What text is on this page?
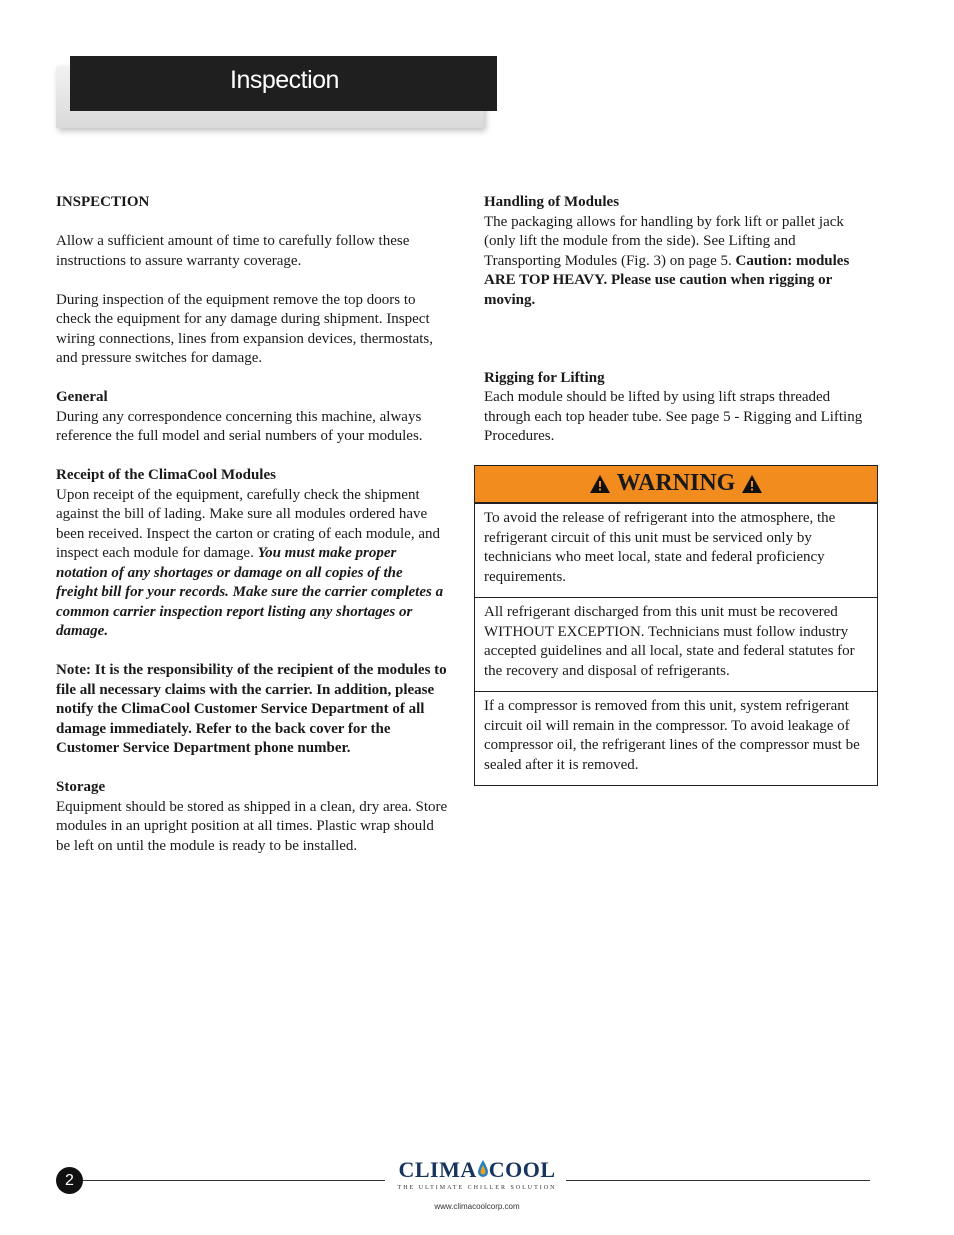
Inspection

INSPECTION

Allow a sufficient amount of time to carefully follow these instructions to assure warranty coverage.

During inspection of the equipment remove the top doors to check the equipment for any damage during shipment. Inspect wiring connections, lines from expansion devices, thermostats, and pressure switches for damage.

General

During any correspondence concerning this machine, always reference the full model and serial numbers of your modules.

Receipt of the ClimaCool Modules

Upon receipt of the equipment, carefully check the shipment against the bill of lading. Make sure all modules ordered have been received. Inspect the carton or crating of each module, and inspect each module for damage. You must make proper notation of any shortages or damage on all copies of the freight bill for your records. Make sure the carrier completes a common carrier inspection report listing any shortages or damage.

Note: It is the responsibility of the recipient of the modules to file all necessary claims with the carrier. In addition, please notify the ClimaCool Customer Service Department of all damage immediately. Refer to the back cover for the Customer Service Department phone number.

Storage

Equipment should be stored as shipped in a clean, dry area. Store modules in an upright position at all times. Plastic wrap should be left on until the module is ready to be installed.

Handling of Modules

The packaging allows for handling by fork lift or pallet jack (only lift the module from the side). See Lifting and Transporting Modules (Fig. 3) on page 5. Caution: modules ARE TOP HEAVY. Please use caution when rigging or moving.

Rigging for Lifting

Each module should be lifted by using lift straps threaded through each top header tube. See page 5 - Rigging and Lifting Procedures.

WARNING
To avoid the release of refrigerant into the atmosphere, the refrigerant circuit of this unit must be serviced only by technicians who meet local, state and federal proficiency requirements.
All refrigerant discharged from this unit must be recovered WITHOUT EXCEPTION. Technicians must follow industry accepted guidelines and all local, state and federal statutes for the recovery and disposal of refrigerants.
If a compressor is removed from this unit, system refrigerant circuit oil will remain in the compressor. To avoid leakage of compressor oil, the refrigerant lines of the compressor must be sealed after it is removed.
2	CLIMA COOL
THE ULTIMATE CHILLER SOLUTION
www.climacoolcorp.com
